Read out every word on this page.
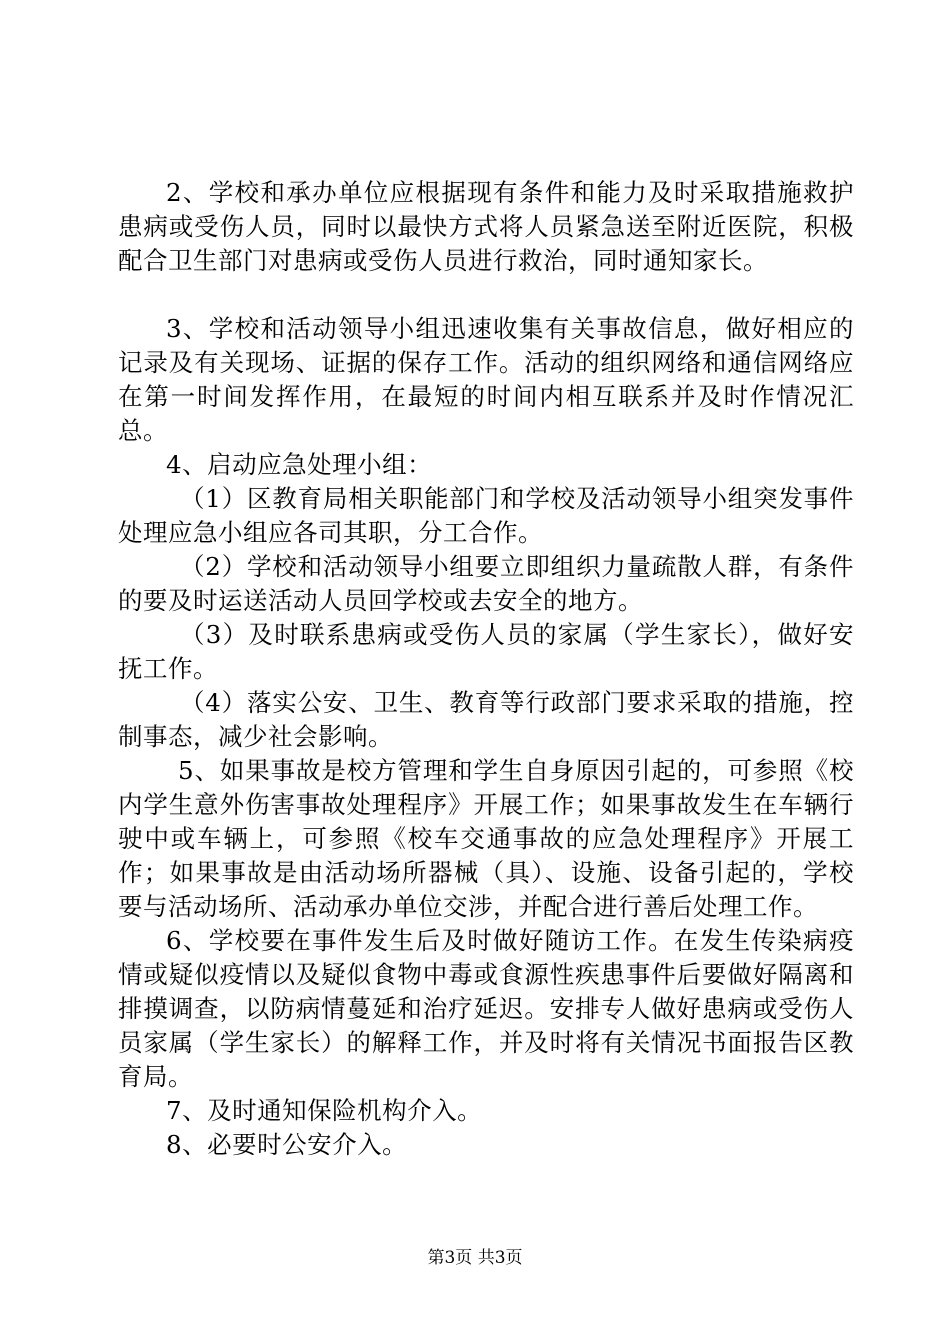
2、学校和承办单位应根据现有条件和能力及时采取措施救护患病或受伤人员，同时以最快方式将人员紧急送至附近医院，积极配合卫生部门对患病或受伤人员进行救治，同时通知家长。

3、学校和活动领导小组迅速收集有关事故信息，做好相应的记录及有关现场、证据的保存工作。活动的组织网络和通信网络应在第一时间发挥作用，在最短的时间内相互联系并及时作情况汇总。

4、启动应急处理小组：

（1）区教育局相关职能部门和学校及活动领导小组突发事件处理应急小组应各司其职，分工合作。

（2）学校和活动领导小组要立即组织力量疏散人群，有条件的要及时运送活动人员回学校或去安全的地方。

（3）及时联系患病或受伤人员的家属（学生家长），做好安抚工作。

（4）落实公安、卫生、教育等行政部门要求采取的措施，控制事态，减少社会影响。

5、如果事故是校方管理和学生自身原因引起的，可参照《校内学生意外伤害事故处理程序》开展工作；如果事故发生在车辆行驶中或车辆上，可参照《校车交通事故的应急处理程序》开展工作；如果事故是由活动场所器械（具）、设施、设备引起的，学校要与活动场所、活动承办单位交涉，并配合进行善后处理工作。

6、学校要在事件发生后及时做好随访工作。在发生传染病疫情或疑似疫情以及疑似食物中毒或食源性疾患事件后要做好隔离和排摸调查，以防病情蔓延和治疗延迟。安排专人做好患病或受伤人员家属（学生家长）的解释工作，并及时将有关情况书面报告区教育局。

7、及时通知保险机构介入。

8、必要时公安介入。

第3页 共3页
